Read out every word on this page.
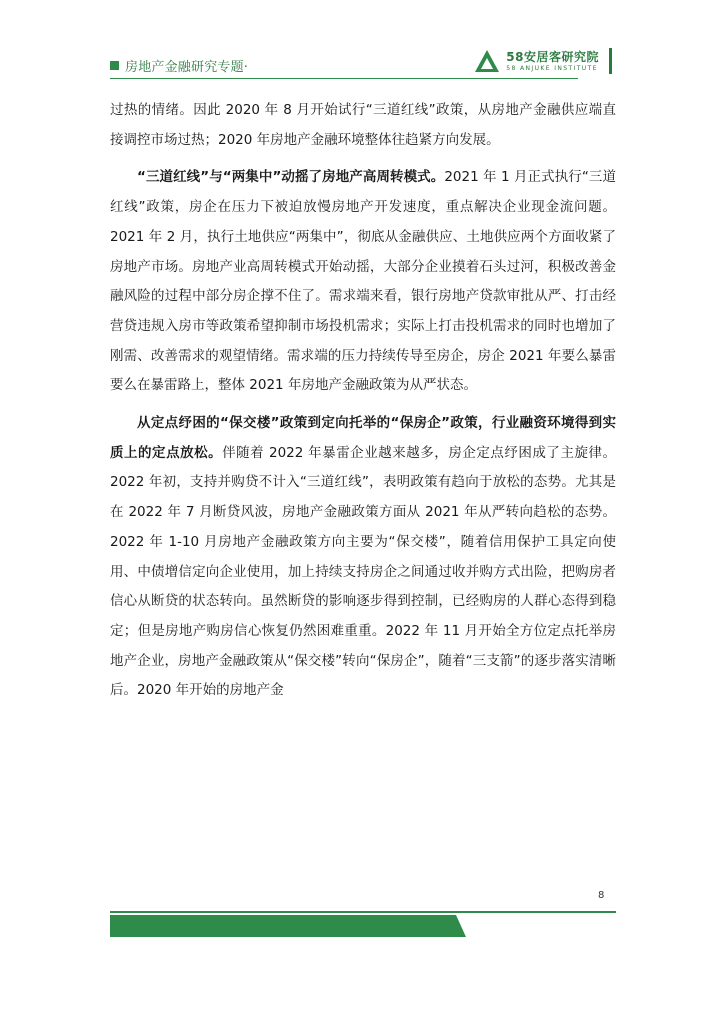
房地产金融研究专题·
58安居客研究院
58 ANJUKE INSTITUTE

过热的情绪。因此 2020 年 8 月开始试行“三道红线”政策，从房地产金融供应端直接调控市场过热；2020 年房地产金融环境整体往趋紧方向发展。

“三道红线”与“两集中”动摇了房地产高周转模式。2021 年 1 月正式执行“三道红线”政策，房企在压力下被迫放慢房地产开发速度，重点解决企业现金流问题。2021 年 2 月，执行土地供应“两集中”，彻底从金融供应、土地供应两个方面收紧了房地产市场。房地产业高周转模式开始动摇，大部分企业摸着石头过河，积极改善金融风险的过程中部分房企撑不住了。需求端来看，银行房地产贷款审批从严、打击经营贷违规入房市等政策希望抑制市场投机需求；实际上打击投机需求的同时也增加了刚需、改善需求的观望情绪。需求端的压力持续传导至房企，房企 2021 年要么暴雷要么在暴雷路上，整体 2021 年房地产金融政策为从严状态。

从定点纾困的“保交楼”政策到定向托举的“保房企”政策，行业融资环境得到实质上的定点放松。伴随着 2022 年暴雷企业越来越多，房企定点纾困成了主旋律。2022 年初，支持并购贷不计入“三道红线”，表明政策有趋向于放松的态势。尤其是在 2022 年 7 月断贷风波，房地产金融政策方面从 2021 年从严转向趋松的态势。2022 年 1-10 月房地产金融政策方向主要为“保交楼”，随着信用保护工具定向使用、中债增信定向企业使用，加上持续支持房企之间通过收并购方式出险，把购房者信心从断贷的状态转向。虽然断贷的影响逐步得到控制，已经购房的人群心态得到稳定；但是房地产购房信心恢复仍然困难重重。2022 年 11 月开始全方位定点托举房地产企业，房地产金融政策从“保交楼”转向“保房企”，随着“三支箭”的逐步落实清晰后。2020 年开始的房地产金

8
